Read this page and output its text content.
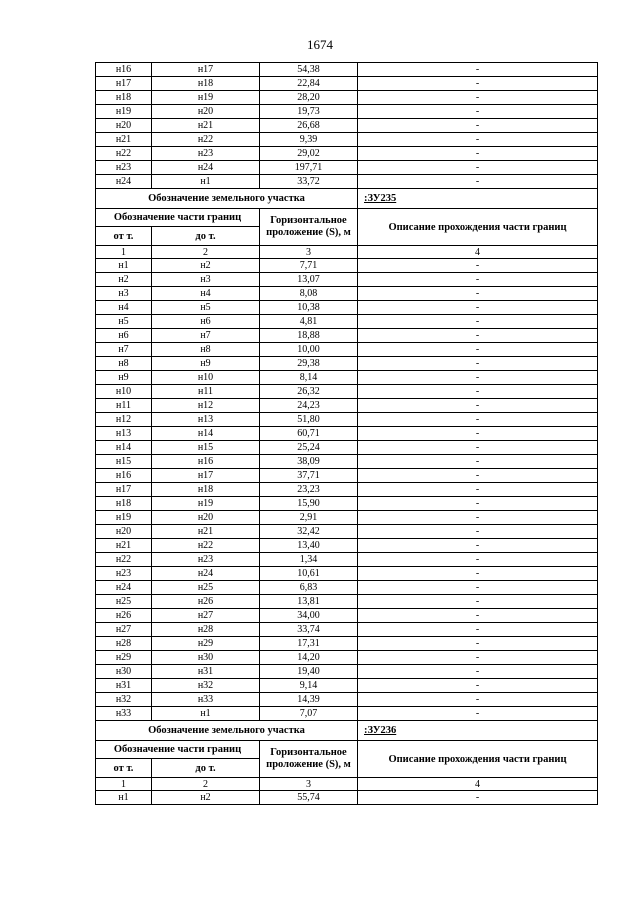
1674
н16	н17	54,38	-
н17	н18	22,84	-
н18	н19	28,20	-
н19	н20	19,73	-
н20	н21	26,68	-
н21	н22	9,39	-
н22	н23	29,02	-
н23	н24	197,71	-
н24	н1	33,72	-
Обозначение земельного участка			:ЗУ235
Обозначение части границ		Горизонтальное проложение (S), м	Описание прохождения части границ
от т.	до т.		
1	2	3	4
н1	н2	7,71	-
н2	н3	13,07	-
н3	н4	8,08	-
н4	н5	10,38	-
н5	н6	4,81	-
н6	н7	18,88	-
н7	н8	10,00	-
н8	н9	29,38	-
н9	н10	8,14	-
н10	н11	26,32	-
н11	н12	24,23	-
н12	н13	51,80	-
н13	н14	60,71	-
н14	н15	25,24	-
н15	н16	38,09	-
н16	н17	37,71	-
н17	н18	23,23	-
н18	н19	15,90	-
н19	н20	2,91	-
н20	н21	32,42	-
н21	н22	13,40	-
н22	н23	1,34	-
н23	н24	10,61	-
н24	н25	6,83	-
н25	н26	13,81	-
н26	н27	34,00	-
н27	н28	33,74	-
н28	н29	17,31	-
н29	н30	14,20	-
н30	н31	19,40	-
н31	н32	9,14	-
н32	н33	14,39	-
н33	н1	7,07	-
Обозначение земельного участка			:ЗУ236
Обозначение части границ		Горизонтальное проложение (S), м	Описание прохождения части границ
от т.	до т.		
1	2	3	4
н1	н2	55,74	-
